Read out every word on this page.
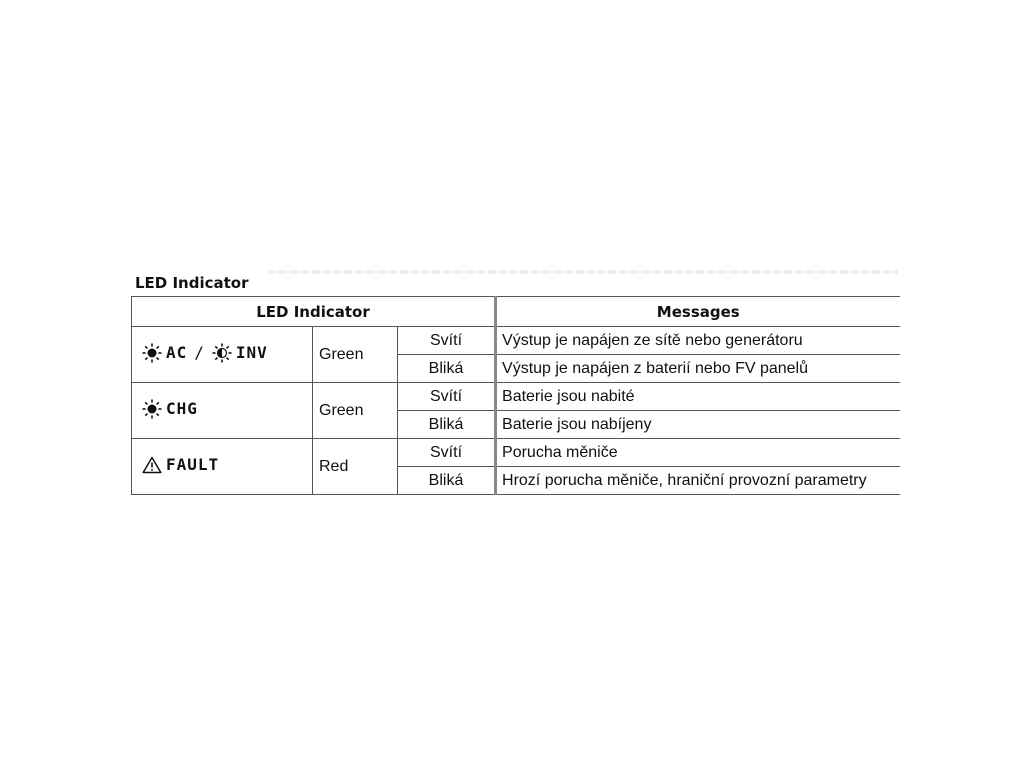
LED Indicator
LED Indicator			Messages

AC / INV	Green	Svítí	Výstup je napájen ze sítě nebo generátoru
		Bliká	Výstup je napájen z baterií nebo FV panelů

CHG	Green	Svítí	Baterie jsou nabité
		Bliká	Baterie jsou nabíjeny

FAULT	Red	Svítí	Porucha měniče
		Bliká	Hrozí porucha měniče, hraniční provozní parametry
